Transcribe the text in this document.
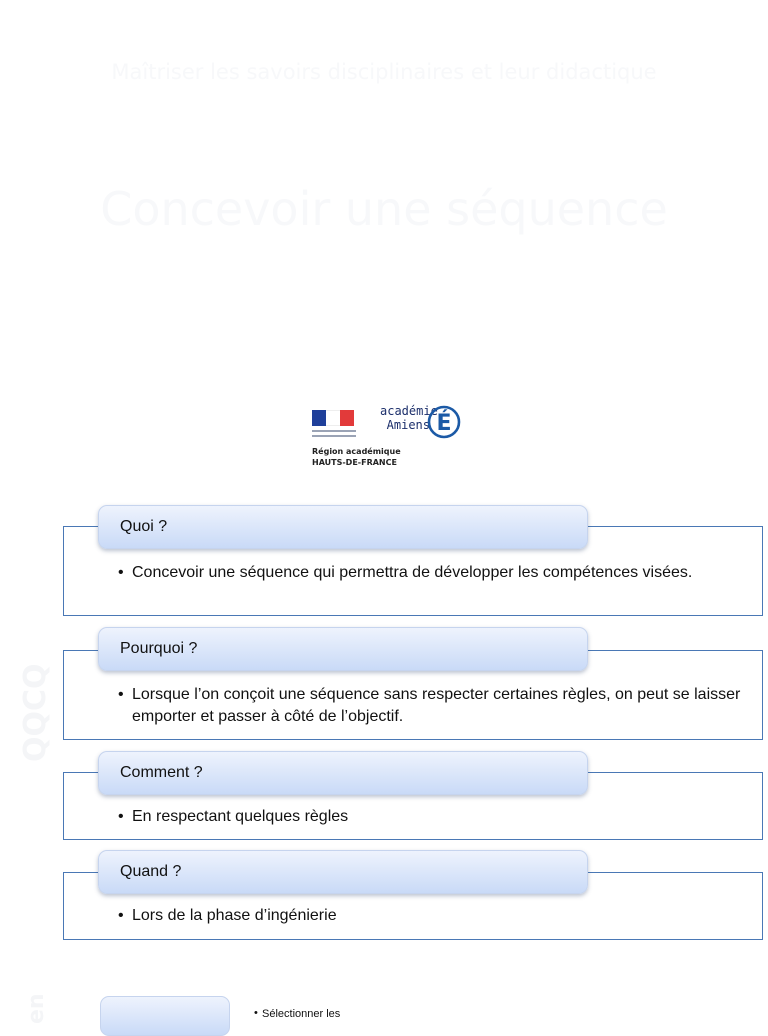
Maîtriser les savoirs disciplinaires et leur didactique
Concevoir une séquence
QQCQ
en
Région académique
HAUTS-DE-FRANCE
académie
Amiens É
Quoi ?
• Concevoir une séquence qui permettra de développer les compétences visées.
Pourquoi ?
• Lorsque l’on conçoit une séquence sans respecter certaines règles, on peut se laisser emporter et passer à côté de l’objectif.
Comment ?
• En respectant quelques règles
Quand ?
• Lors de la phase d’ingénierie
• Sélectionner les
